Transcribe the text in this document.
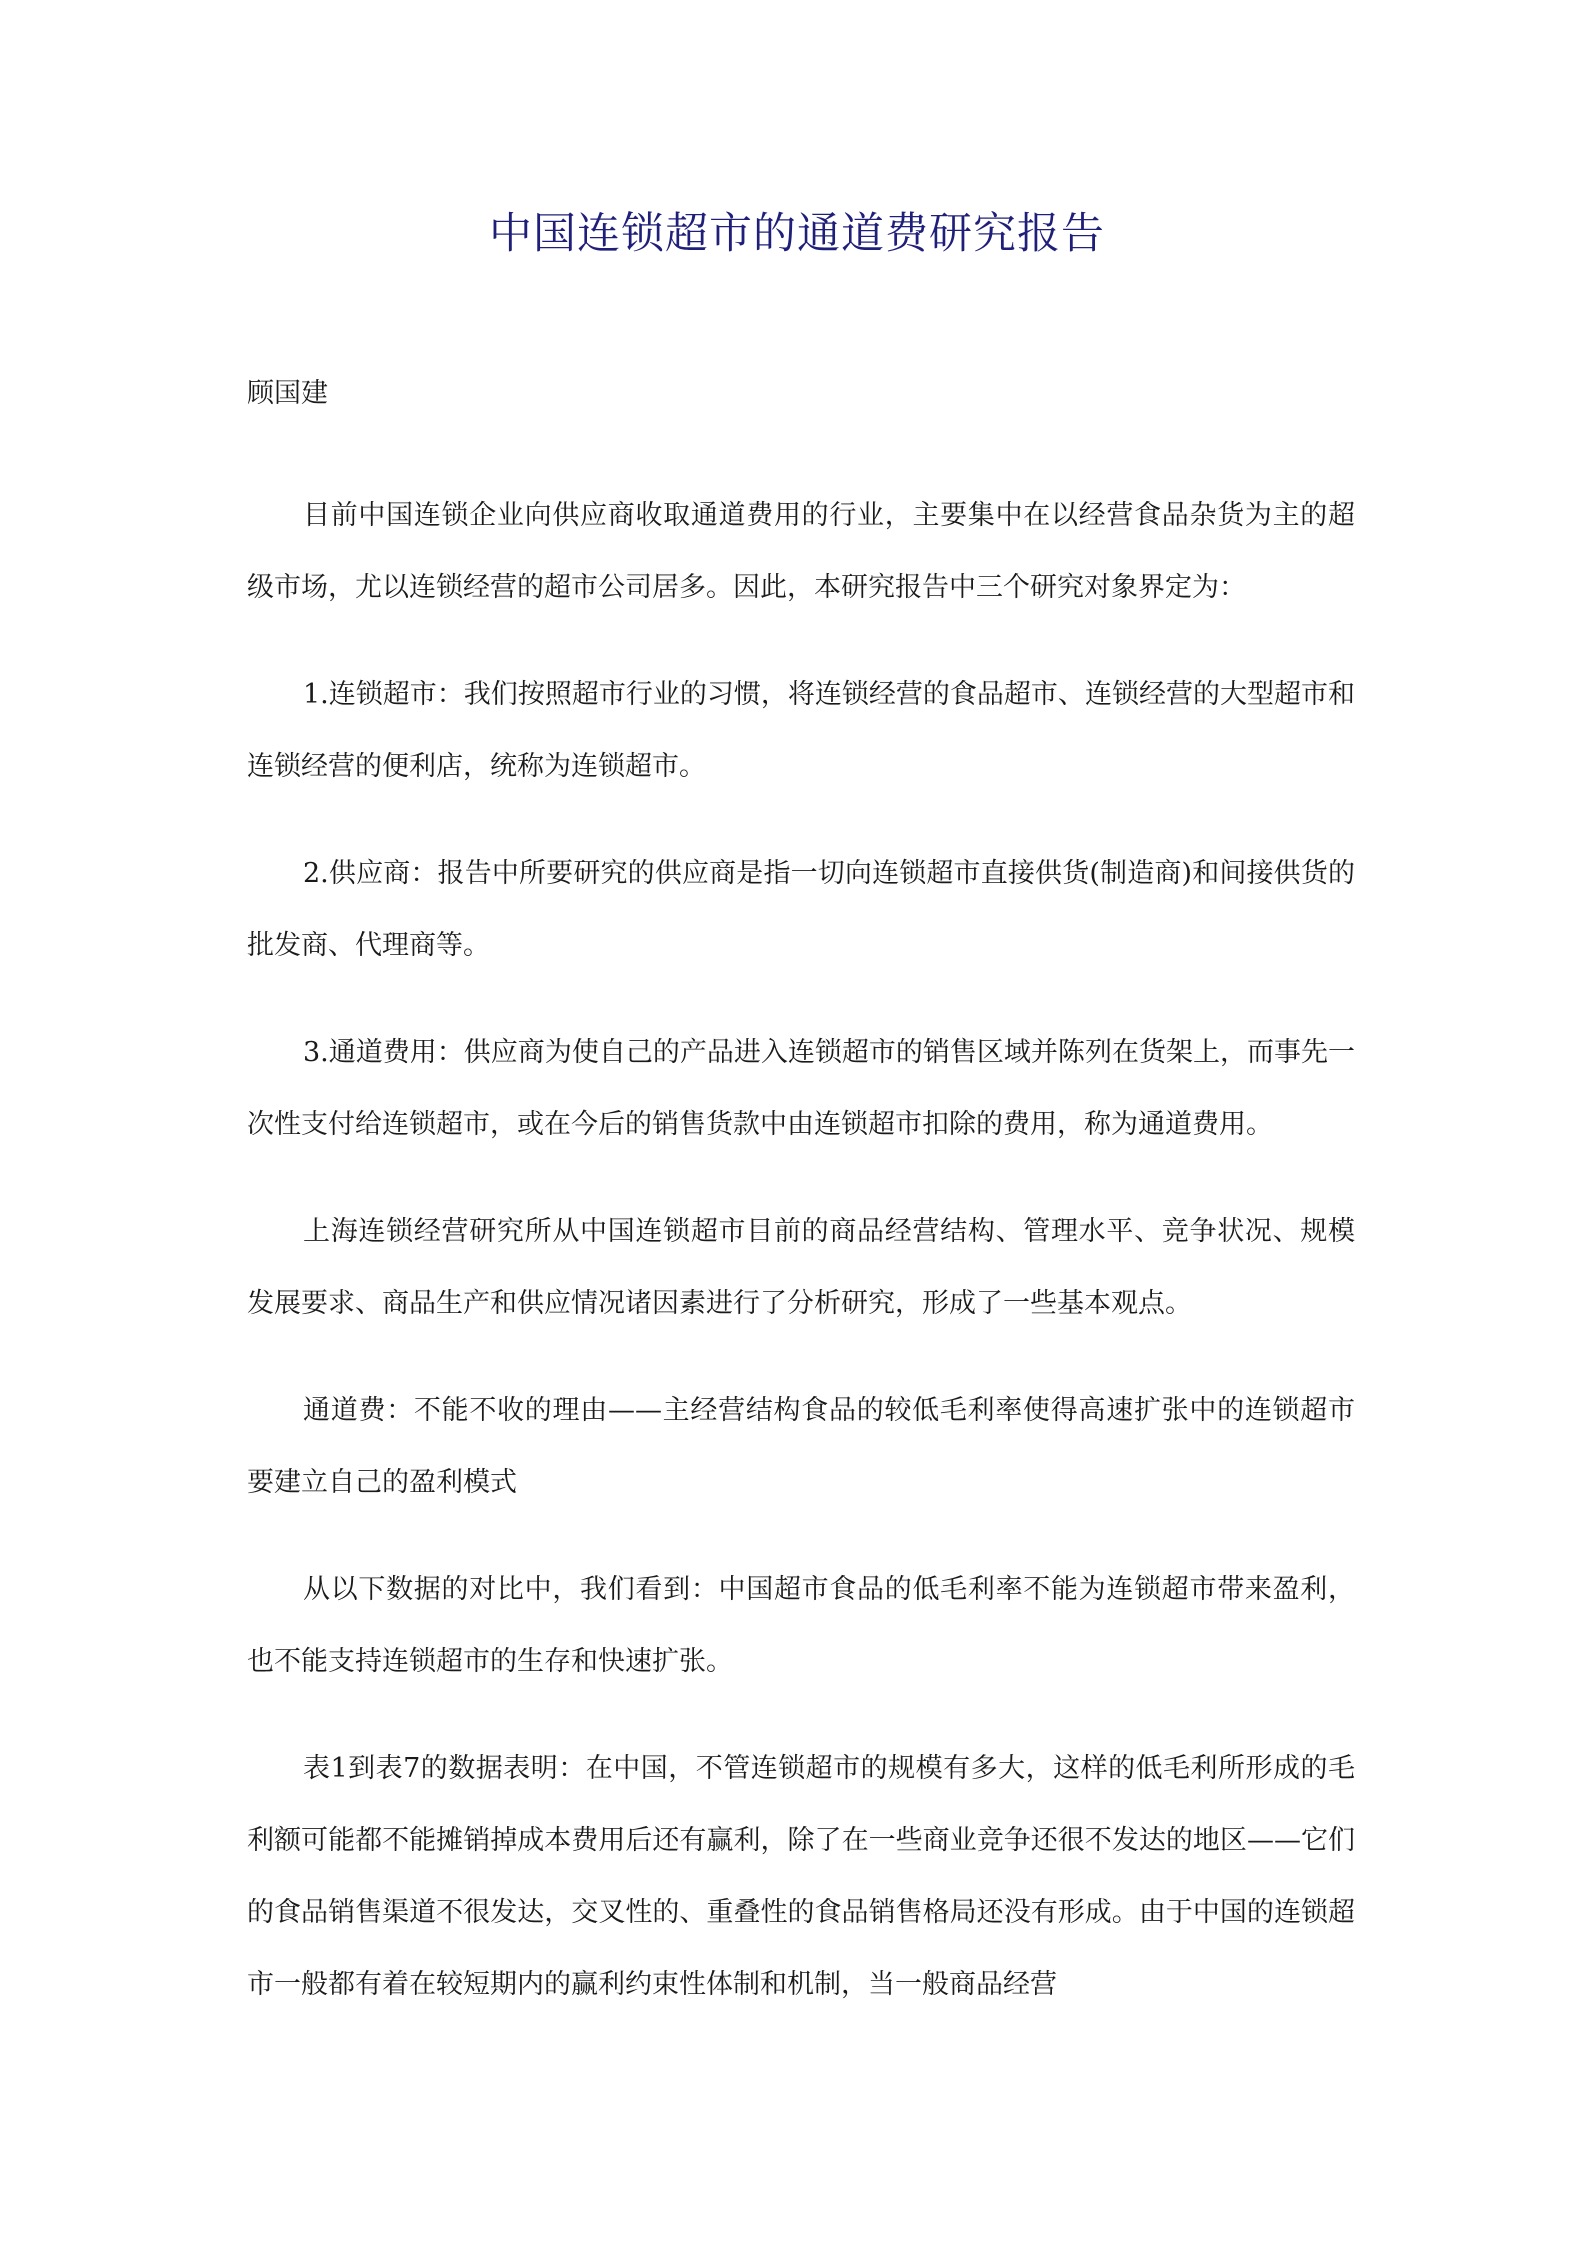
中国连锁超市的通道费研究报告
顾国建

目前中国连锁企业向供应商收取通道费用的行业，主要集中在以经营食品杂货为主的超级市场，尤以连锁经营的超市公司居多。因此，本研究报告中三个研究对象界定为：

1.连锁超市：我们按照超市行业的习惯，将连锁经营的食品超市、连锁经营的大型超市和连锁经营的便利店，统称为连锁超市。

2.供应商：报告中所要研究的供应商是指一切向连锁超市直接供货(制造商)和间接供货的批发商、代理商等。

3.通道费用：供应商为使自己的产品进入连锁超市的销售区域并陈列在货架上，而事先一次性支付给连锁超市，或在今后的销售货款中由连锁超市扣除的费用，称为通道费用。

上海连锁经营研究所从中国连锁超市目前的商品经营结构、管理水平、竞争状况、规模发展要求、商品生产和供应情况诸因素进行了分析研究，形成了一些基本观点。

通道费：不能不收的理由——主经营结构食品的较低毛利率使得高速扩张中的连锁超市要建立自己的盈利模式

从以下数据的对比中，我们看到：中国超市食品的低毛利率不能为连锁超市带来盈利，也不能支持连锁超市的生存和快速扩张。

表1到表7的数据表明：在中国，不管连锁超市的规模有多大，这样的低毛利所形成的毛利额可能都不能摊销掉成本费用后还有赢利，除了在一些商业竞争还很不发达的地区——它们的食品销售渠道不很发达，交叉性的、重叠性的食品销售格局还没有形成。由于中国的连锁超市一般都有着在较短期内的赢利约束性体制和机制，当一般商品经营
